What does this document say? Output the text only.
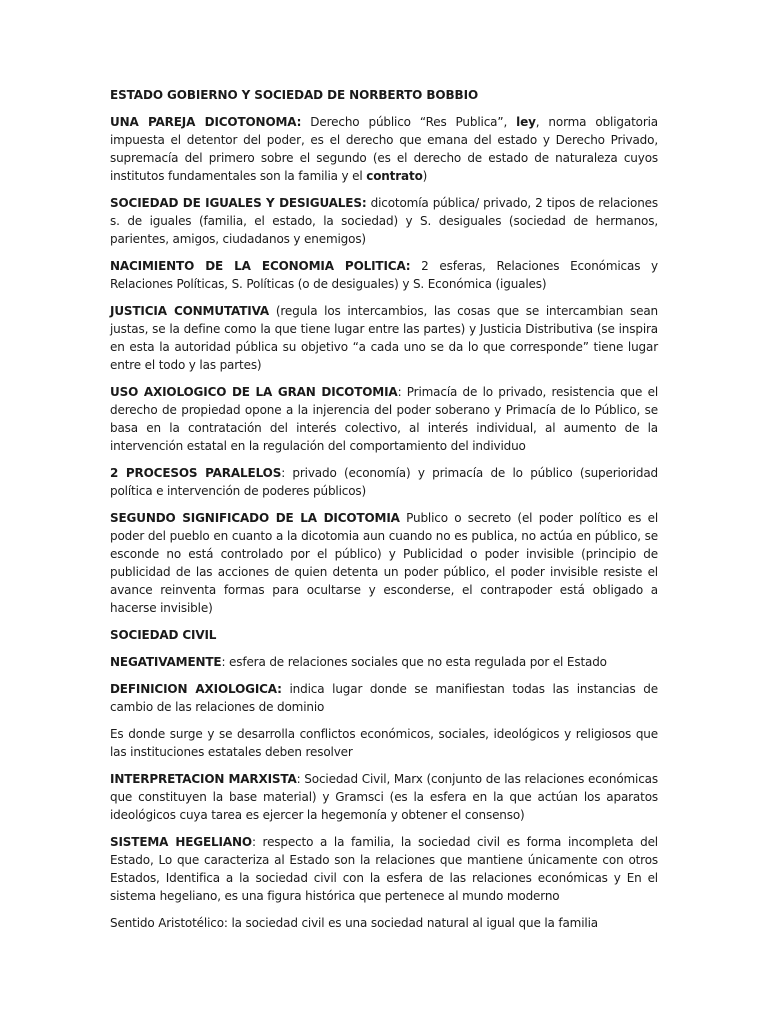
ESTADO GOBIERNO Y SOCIEDAD DE NORBERTO BOBBIO

UNA PAREJA DICOTONOMA: Derecho público “Res Publica”, ley, norma obligatoria impuesta el detentor del poder, es el derecho que emana del estado y Derecho Privado, supremacía del primero sobre el segundo (es el derecho de estado de naturaleza cuyos institutos fundamentales son la familia y el contrato)

SOCIEDAD DE IGUALES Y DESIGUALES: dicotomía pública/ privado, 2 tipos de relaciones s. de iguales (familia, el estado, la sociedad) y S. desiguales (sociedad de hermanos, parientes, amigos, ciudadanos y enemigos)

NACIMIENTO DE LA ECONOMIA POLITICA: 2 esferas, Relaciones Económicas y Relaciones Políticas, S. Políticas (o de desiguales) y S. Económica (iguales)

JUSTICIA CONMUTATIVA (regula los intercambios, las cosas que se intercambian sean justas, se la define como la que tiene lugar entre las partes) y Justicia Distributiva (se inspira en esta la autoridad pública su objetivo “a cada uno se da lo que corresponde” tiene lugar entre el todo y las partes)

USO AXIOLOGICO DE LA GRAN DICOTOMIA: Primacía de lo privado, resistencia que el derecho de propiedad opone a la injerencia del poder soberano y Primacía de lo Público, se basa en la contratación del interés colectivo, al interés individual, al aumento de la intervención estatal en la regulación del comportamiento del individuo

2 PROCESOS PARALELOS: privado (economía) y primacía de lo público (superioridad política e intervención de poderes públicos)

SEGUNDO SIGNIFICADO DE LA DICOTOMIA Publico o secreto (el poder político es el poder del pueblo en cuanto a la dicotomia aun cuando no es publica, no actúa en público, se esconde no está controlado por el público) y Publicidad o poder invisible (principio de publicidad de las acciones de quien detenta un poder público, el poder invisible resiste el avance reinventa formas para ocultarse y esconderse, el contrapoder está obligado a hacerse invisible)

SOCIEDAD CIVIL

NEGATIVAMENTE: esfera de relaciones sociales que no esta regulada por el Estado

DEFINICION AXIOLOGICA: indica lugar donde se manifiestan todas las instancias de cambio de las relaciones de dominio

Es donde surge y se desarrolla conflictos económicos, sociales, ideológicos y religiosos que las instituciones estatales deben resolver

INTERPRETACION MARXISTA: Sociedad Civil, Marx (conjunto de las relaciones económicas que constituyen la base material) y Gramsci (es la esfera en la que actúan los aparatos ideológicos cuya tarea es ejercer la hegemonía y obtener el consenso)

SISTEMA HEGELIANO: respecto a la familia, la sociedad civil es forma incompleta del Estado, Lo que caracteriza al Estado son la relaciones que mantiene únicamente con otros Estados, Identifica a la sociedad civil con la esfera de las relaciones económicas y En el sistema hegeliano, es una figura histórica que pertenece al mundo moderno

Sentido Aristotélico: la sociedad civil es una sociedad natural al igual que la familia
